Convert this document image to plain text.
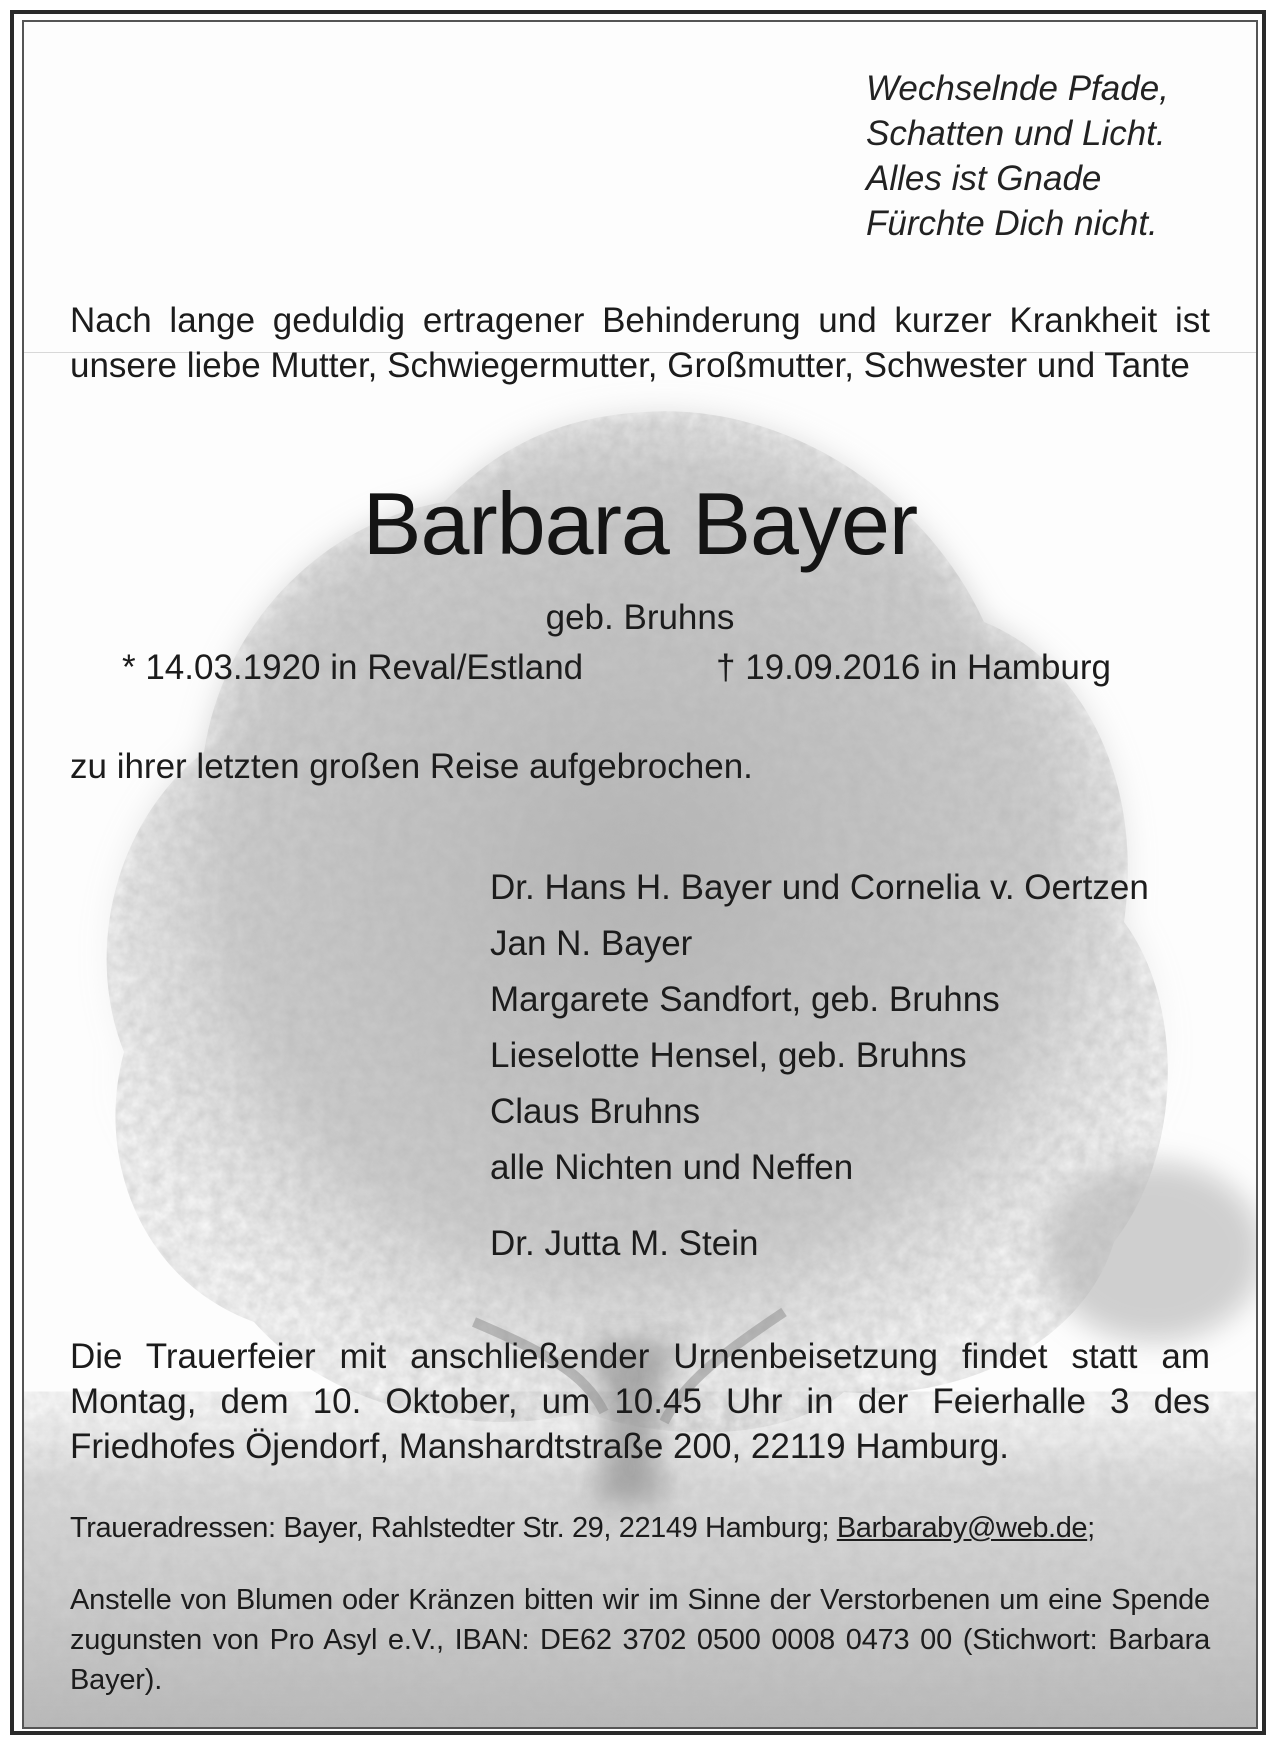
Wechselnde Pfade,
Schatten und Licht.
Alles ist Gnade
Fürchte Dich nicht.
Nach lange geduldig ertragener Behinderung und kurzer Krankheit ist unsere liebe Mutter, Schwiegermutter, Großmutter, Schwester und Tante
Barbara Bayer
geb. Bruhns
* 14.03.1920 in Reval/Estland	† 19.09.2016 in Hamburg
zu ihrer letzten großen Reise aufgebrochen.
Dr. Hans H. Bayer und Cornelia v. Oertzen
Jan N. Bayer
Margarete Sandfort, geb. Bruhns
Lieselotte Hensel, geb. Bruhns
Claus Bruhns
alle Nichten und Neffen
Dr. Jutta M. Stein
Die Trauerfeier mit anschließender Urnenbeisetzung findet statt am Montag, dem 10. Oktober, um 10.45 Uhr in der Feierhalle 3 des Friedhofes Öjendorf, Manshardtstraße 200, 22119 Hamburg.
Traueradressen: Bayer, Rahlstedter Str. 29, 22149 Hamburg; Barbaraby@web.de;
Anstelle von Blumen oder Kränzen bitten wir im Sinne der Verstorbenen um eine Spende zugunsten von Pro Asyl e.V., IBAN: DE62 3702 0500 0008 0473 00 (Stichwort: Barbara Bayer).
